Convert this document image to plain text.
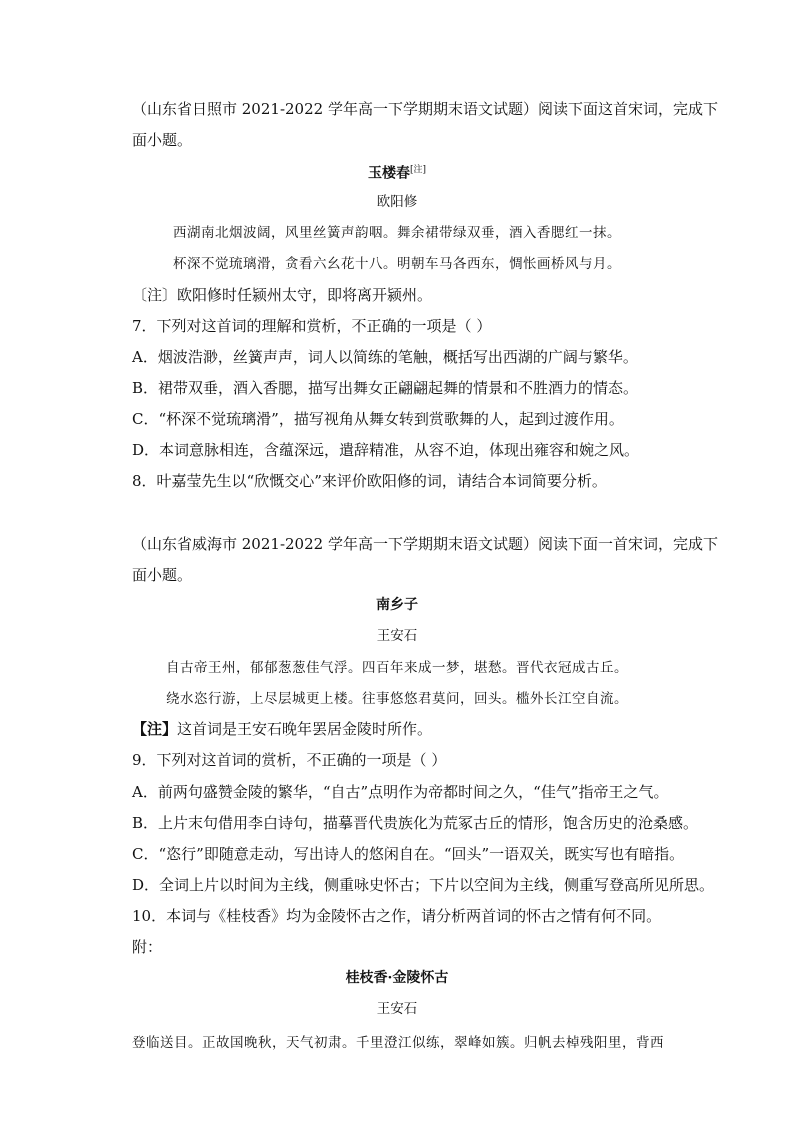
（山东省日照市 2021-2022 学年高一下学期期末语文试题）阅读下面这首宋词，完成下
面小题。
玉楼春[注]
欧阳修
西湖南北烟波阔，风里丝簧声韵咽。舞余裙带绿双垂，酒入香腮红一抹。
杯深不觉琉璃滑，贪看六幺花十八。明朝车马各西东，惆怅画桥风与月。
〔注〕欧阳修时任颍州太守，即将离开颍州。
7．下列对这首词的理解和赏析，不正确的一项是（ ）
A．烟波浩渺，丝簧声声，词人以简练的笔触，概括写出西湖的广阔与繁华。
B．裙带双垂，酒入香腮，描写出舞女正翩翩起舞的情景和不胜酒力的情态。
C．“杯深不觉琉璃滑”，描写视角从舞女转到赏歌舞的人，起到过渡作用。
D．本词意脉相连，含蕴深远，遣辞精准，从容不迫，体现出雍容和婉之风。
8．叶嘉莹先生以“欣慨交心”来评价欧阳修的词，请结合本词简要分析。
（山东省威海市 2021-2022 学年高一下学期期末语文试题）阅读下面一首宋词，完成下
面小题。
南乡子
王安石
自古帝王州，郁郁葱葱佳气浮。四百年来成一梦，堪愁。晋代衣冠成古丘。
绕水恣行游，上尽层城更上楼。往事悠悠君莫问，回头。槛外长江空自流。
【注】这首词是王安石晚年罢居金陵时所作。
9．下列对这首词的赏析，不正确的一项是（ ）
A．前两句盛赞金陵的繁华，“自古”点明作为帝都时间之久，“佳气”指帝王之气。
B．上片末句借用李白诗句，描摹晋代贵族化为荒冢古丘的情形，饱含历史的沧桑感。
C．“恣行”即随意走动，写出诗人的悠闲自在。“回头”一语双关，既实写也有暗指。
D．全词上片以时间为主线，侧重咏史怀古；下片以空间为主线，侧重写登高所见所思。
10．本词与《桂枝香》均为金陵怀古之作，请分析两首词的怀古之情有何不同。
附：
桂枝香·金陵怀古
王安石
登临送目。正故国晚秋，天气初肃。千里澄江似练，翠峰如簇。归帆去棹残阳里，背西
